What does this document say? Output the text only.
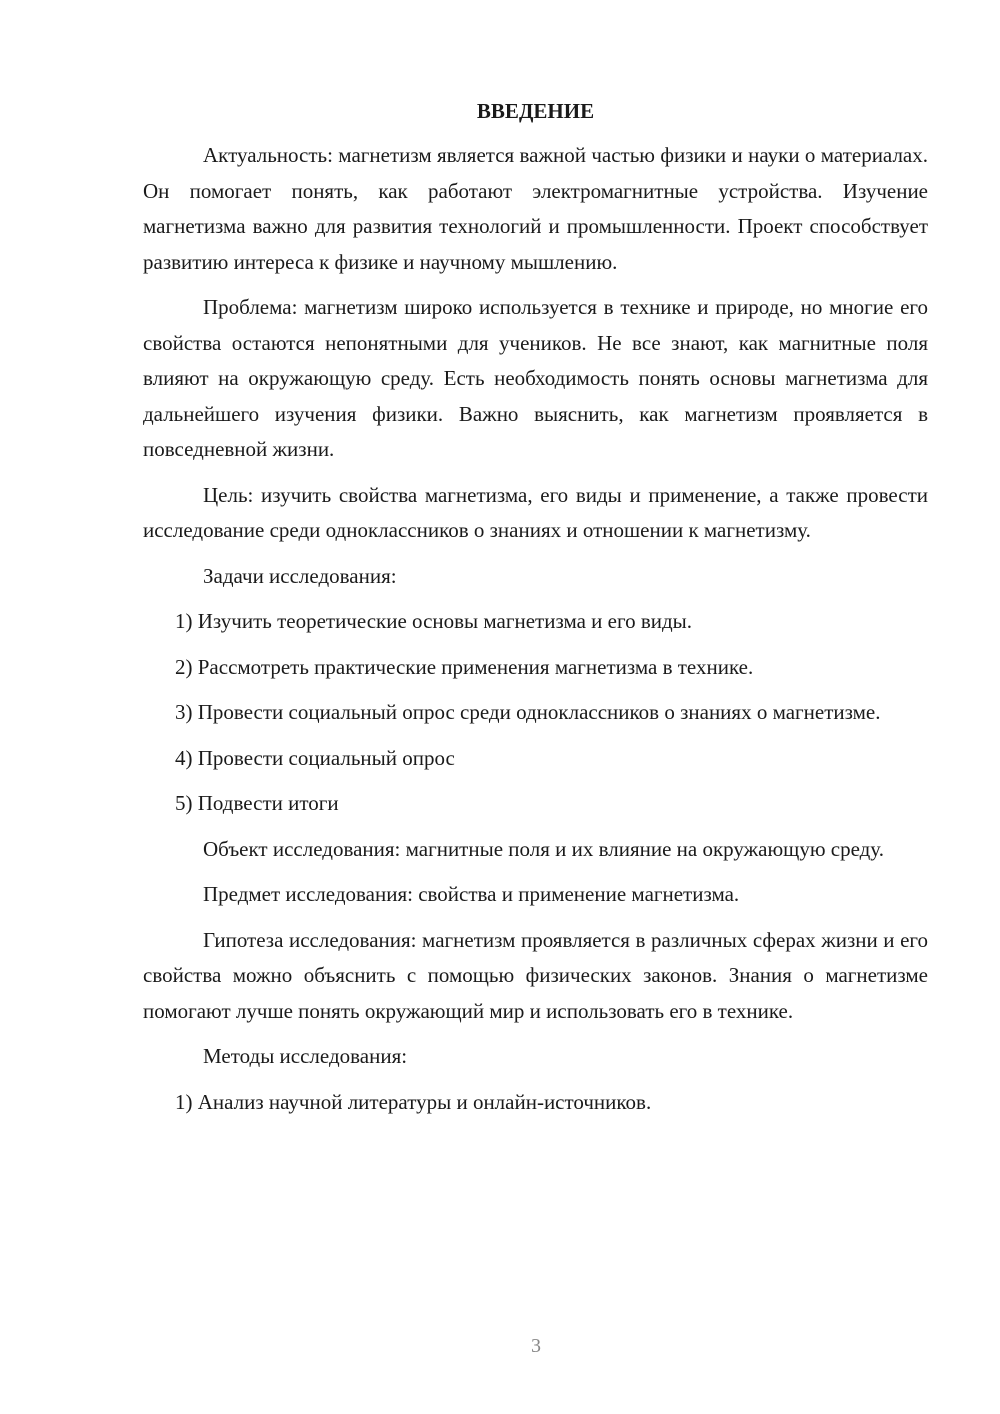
ВВЕДЕНИЕ

Актуальность: магнетизм является важной частью физики и науки о материалах. Он помогает понять, как работают электромагнитные устройства. Изучение магнетизма важно для развития технологий и промышленности. Проект способствует развитию интереса к физике и научному мышлению.

Проблема: магнетизм широко используется в технике и природе, но многие его свойства остаются непонятными для учеников. Не все знают, как магнитные поля влияют на окружающую среду. Есть необходимость понять основы магнетизма для дальнейшего изучения физики. Важно выяснить, как магнетизм проявляется в повседневной жизни.

Цель: изучить свойства магнетизма, его виды и применение, а также провести исследование среди одноклассников о знаниях и отношении к магнетизму.

Задачи исследования:

1) Изучить теоретические основы магнетизма и его виды.

2) Рассмотреть практические применения магнетизма в технике.

3) Провести социальный опрос среди одноклассников о знаниях о магнетизме.

4) Провести социальный опрос

5) Подвести итоги

Объект исследования: магнитные поля и их влияние на окружающую среду.

Предмет исследования: свойства и применение магнетизма.

Гипотеза исследования: магнетизм проявляется в различных сферах жизни и его свойства можно объяснить с помощью физических законов. Знания о магнетизме помогают лучше понять окружающий мир и использовать его в технике.

Методы исследования:

1) Анализ научной литературы и онлайн-источников.

3
